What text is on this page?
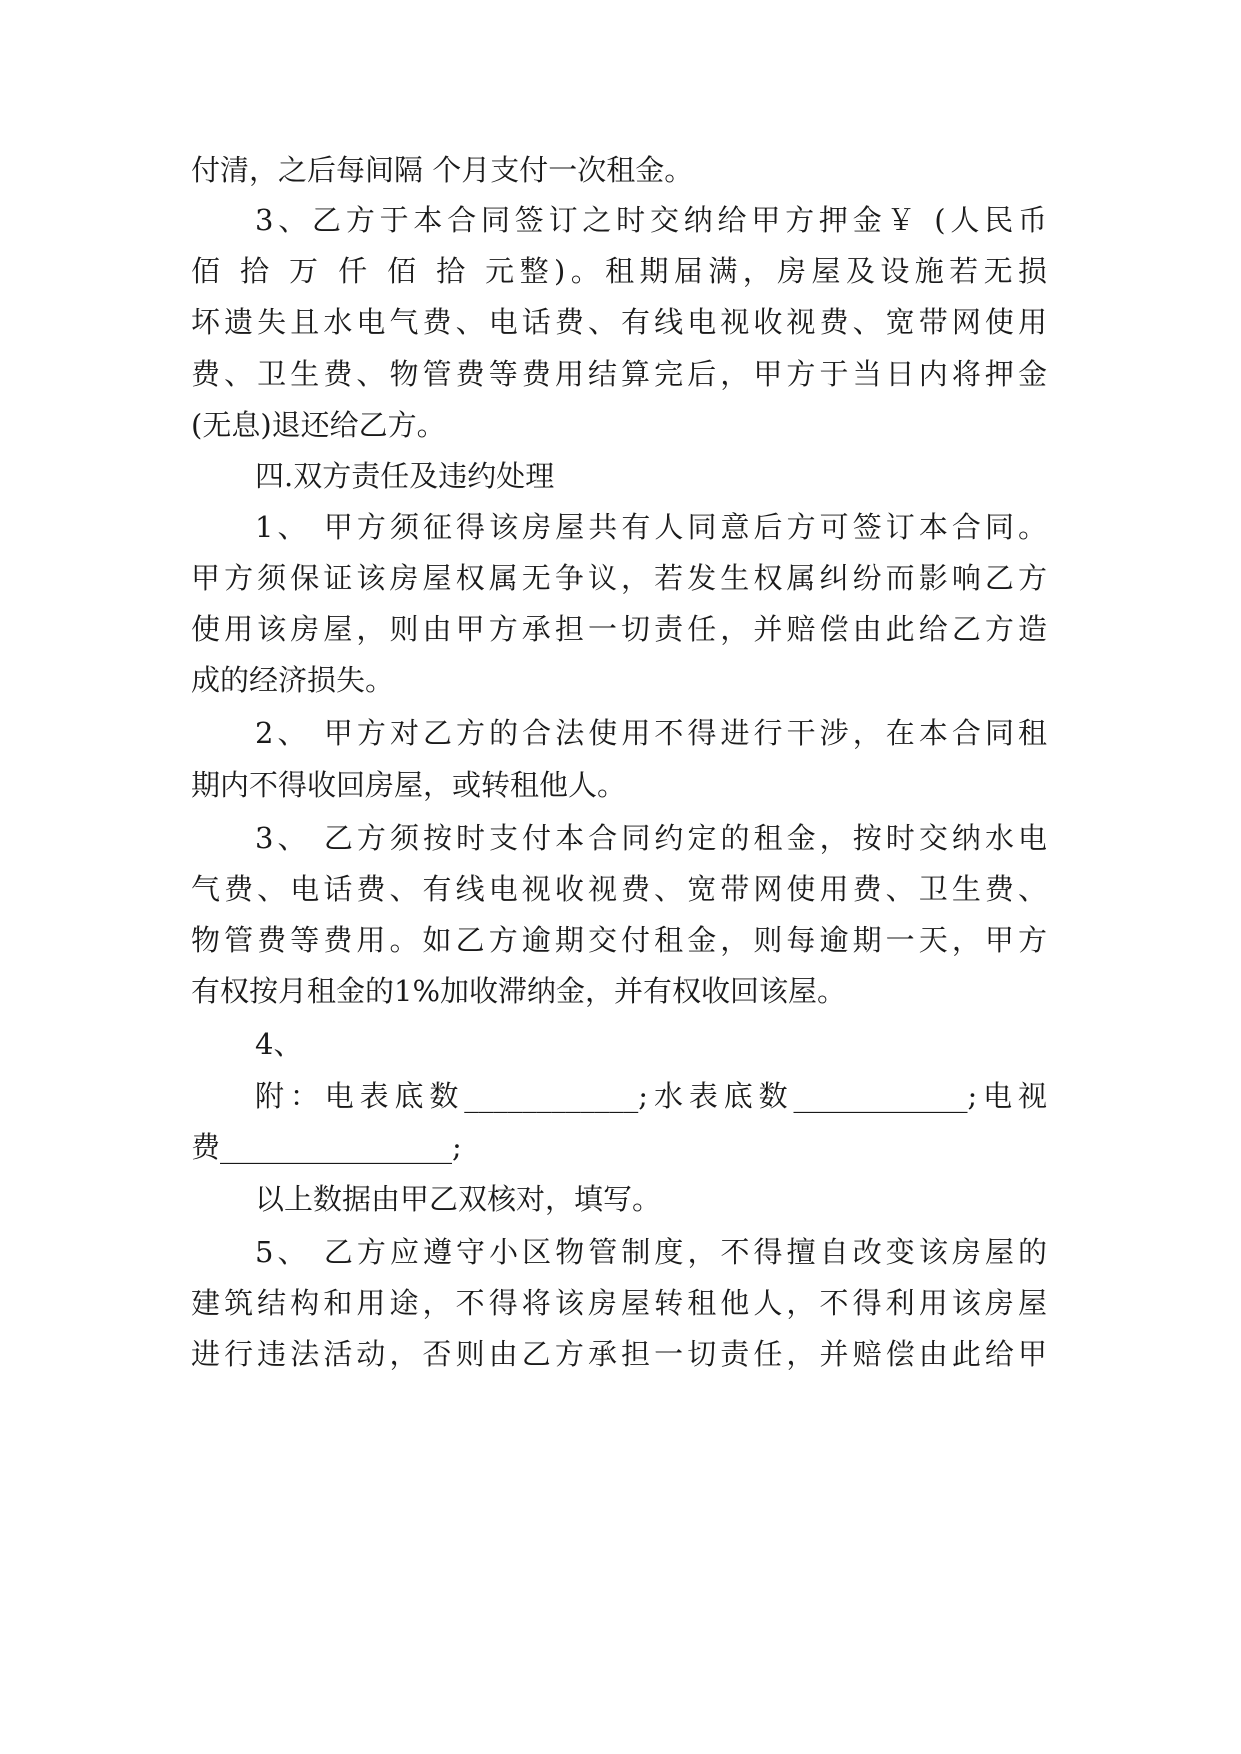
付清，之后每间隔 个月支付一次租金。
3、乙方于本合同签订之时交纳给甲方押金￥ (人民币
佰 拾 万 仟 佰 拾 元整)。租期届满，房屋及设施若无损
坏遗失且水电气费、电话费、有线电视收视费、宽带网使用
费、卫生费、物管费等费用结算完后，甲方于当日内将押金
(无息)退还给乙方。
四.双方责任及违约处理
1、 甲方须征得该房屋共有人同意后方可签订本合同。
甲方须保证该房屋权属无争议，若发生权属纠纷而影响乙方
使用该房屋，则由甲方承担一切责任，并赔偿由此给乙方造
成的经济损失。
2、 甲方对乙方的合法使用不得进行干涉，在本合同租
期内不得收回房屋，或转租他人。
3、 乙方须按时支付本合同约定的租金，按时交纳水电
气费、电话费、有线电视收视费、宽带网使用费、卫生费、
物管费等费用。如乙方逾期交付租金，则每逾期一天，甲方
有权按月租金的1%加收滞纳金，并有权收回该屋。
4、
附：电表底数____________;水表底数____________;电视
费________________;
以上数据由甲乙双核对，填写。
5、 乙方应遵守小区物管制度，不得擅自改变该房屋的
建筑结构和用途，不得将该房屋转租他人，不得利用该房屋
进行违法活动，否则由乙方承担一切责任，并赔偿由此给甲
